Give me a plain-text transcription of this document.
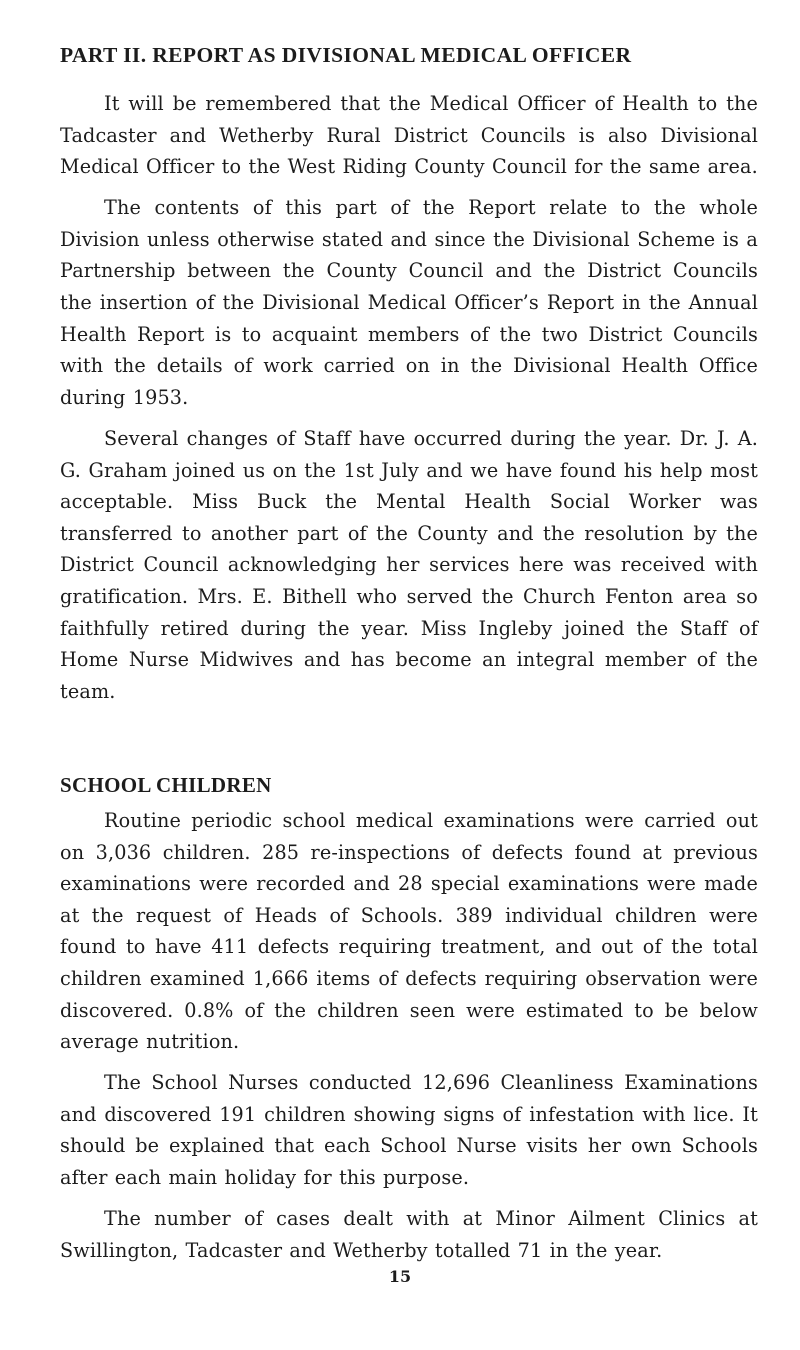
PART II. REPORT AS DIVISIONAL MEDICAL OFFICER

It will be remembered that the Medical Officer of Health to the Tadcaster and Wetherby Rural District Councils is also Divisional Medical Officer to the West Riding County Council for the same area.

The contents of this part of the Report relate to the whole Division unless otherwise stated and since the Divisional Scheme is a Partnership between the County Council and the District Councils the insertion of the Divisional Medical Officer’s Report in the Annual Health Report is to acquaint members of the two District Councils with the details of work carried on in the Divisional Health Office during 1953.

Several changes of Staff have occurred during the year. Dr. J. A. G. Graham joined us on the 1st July and we have found his help most acceptable. Miss Buck the Mental Health Social Worker was transferred to another part of the County and the resolution by the District Council acknowledging her services here was received with gratification. Mrs. E. Bithell who served the Church Fenton area so faithfully retired during the year. Miss Ingleby joined the Staff of Home Nurse Midwives and has become an integral member of the team.

SCHOOL CHILDREN

Routine periodic school medical examinations were carried out on 3,036 children. 285 re-inspections of defects found at previous examinations were recorded and 28 special examinations were made at the request of Heads of Schools. 389 individual children were found to have 411 defects requiring treatment, and out of the total children examined 1,666 items of defects requiring observation were discovered. 0.8% of the children seen were estimated to be below average nutrition.

The School Nurses conducted 12,696 Cleanliness Examinations and discovered 191 children showing signs of infestation with lice. It should be explained that each School Nurse visits her own Schools after each main holiday for this purpose.

The number of cases dealt with at Minor Ailment Clinics at Swillington, Tadcaster and Wetherby totalled 71 in the year.

15
